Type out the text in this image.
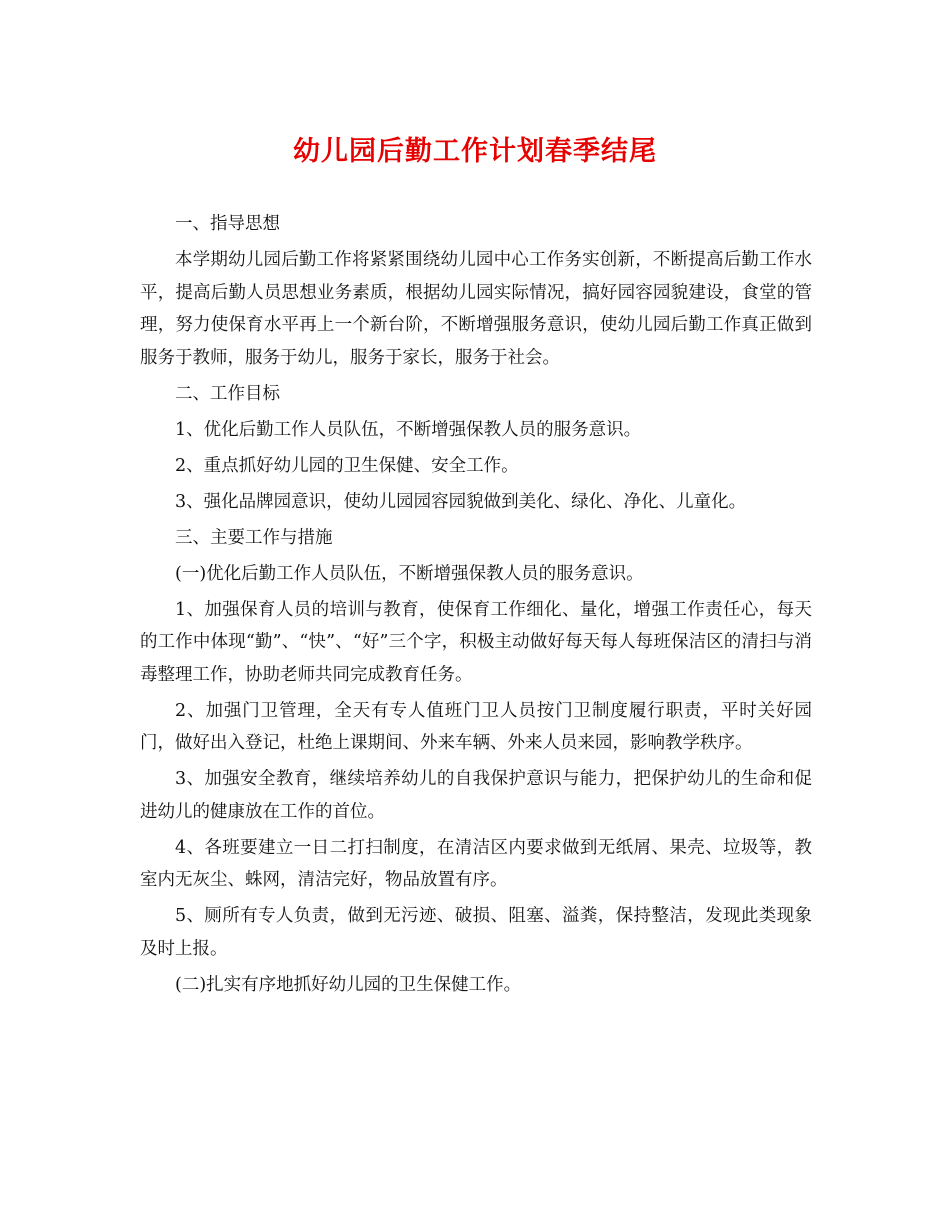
幼儿园后勤工作计划春季结尾

一、指导思想

本学期幼儿园后勤工作将紧紧围绕幼儿园中心工作务实创新，不断提高后勤工作水平，提高后勤人员思想业务素质，根据幼儿园实际情况，搞好园容园貌建设，食堂的管理，努力使保育水平再上一个新台阶，不断增强服务意识，使幼儿园后勤工作真正做到服务于教师，服务于幼儿，服务于家长，服务于社会。

二、工作目标

1、优化后勤工作人员队伍，不断增强保教人员的服务意识。

2、重点抓好幼儿园的卫生保健、安全工作。

3、强化品牌园意识，使幼儿园园容园貌做到美化、绿化、净化、儿童化。

三、主要工作与措施

(一)优化后勤工作人员队伍，不断增强保教人员的服务意识。

1、加强保育人员的培训与教育，使保育工作细化、量化，增强工作责任心，每天的工作中体现“勤”、“快”、“好”三个字，积极主动做好每天每人每班保洁区的清扫与消毒整理工作，协助老师共同完成教育任务。

2、加强门卫管理，全天有专人值班门卫人员按门卫制度履行职责，平时关好园门，做好出入登记，杜绝上课期间、外来车辆、外来人员来园，影响教学秩序。

3、加强安全教育，继续培养幼儿的自我保护意识与能力，把保护幼儿的生命和促进幼儿的健康放在工作的首位。

4、各班要建立一日二打扫制度，在清洁区内要求做到无纸屑、果壳、垃圾等，教室内无灰尘、蛛网，清洁完好，物品放置有序。

5、厕所有专人负责，做到无污迹、破损、阻塞、溢粪，保持整洁，发现此类现象及时上报。

(二)扎实有序地抓好幼儿园的卫生保健工作。
